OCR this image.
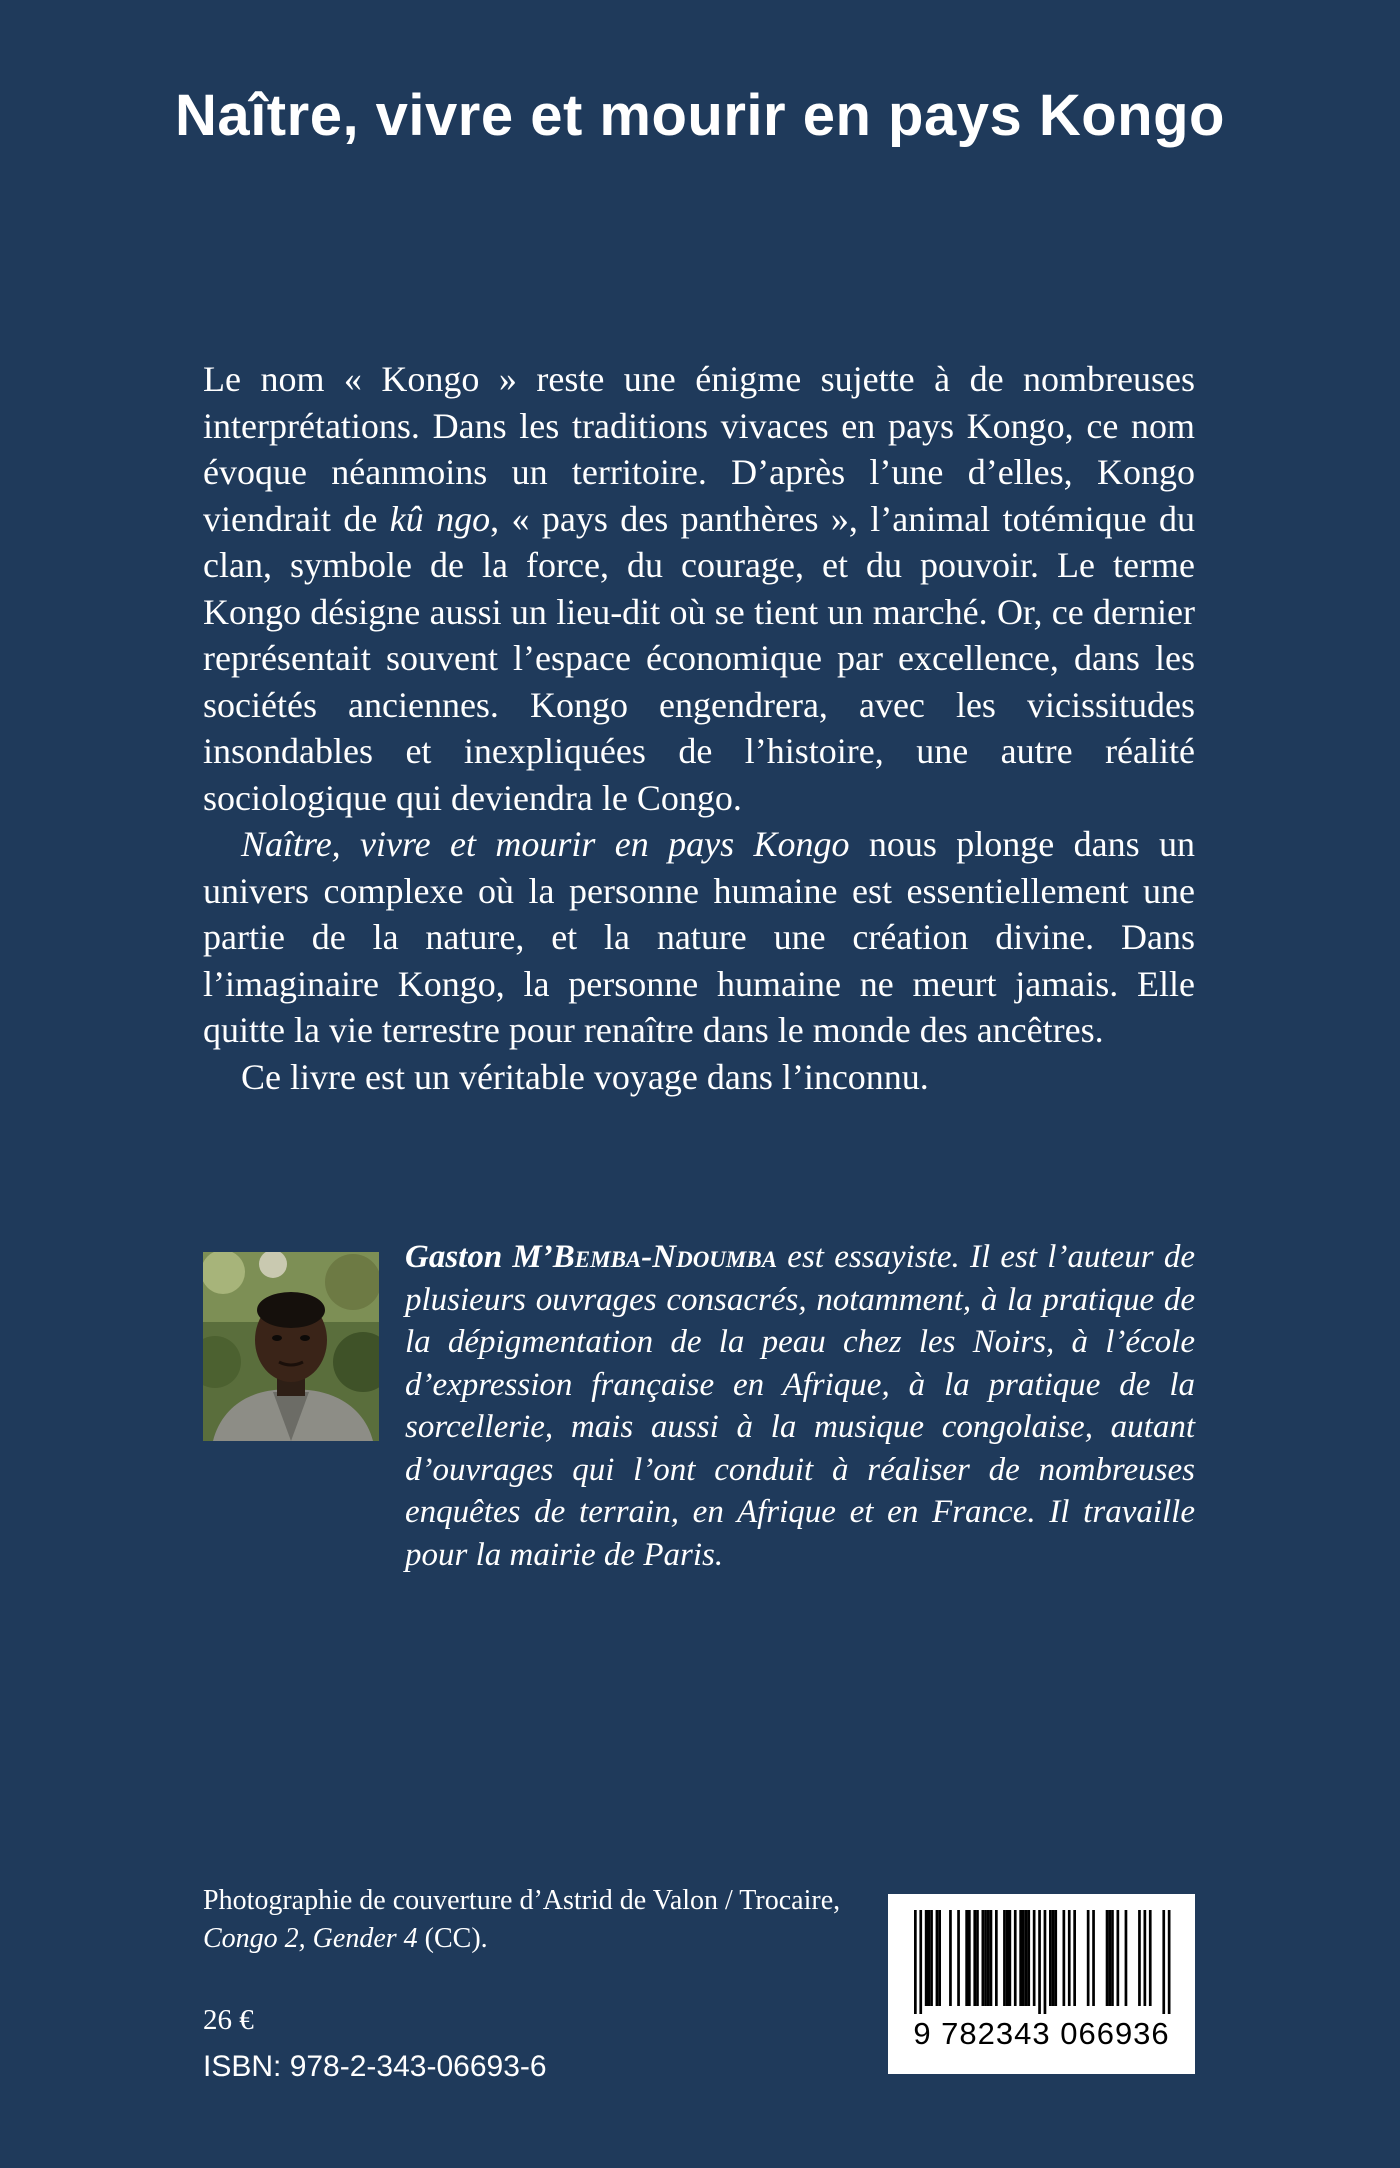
Naître, vivre et mourir en pays Kongo

Le nom « Kongo » reste une énigme sujette à de nombreuses interprétations. Dans les traditions vivaces en pays Kongo, ce nom évoque néanmoins un territoire. D’après l’une d’elles, Kongo viendrait de kû ngo, « pays des panthères », l’animal totémique du clan, symbole de la force, du courage, et du pouvoir. Le terme Kongo désigne aussi un lieu-dit où se tient un marché. Or, ce dernier représentait souvent l’espace économique par excellence, dans les sociétés anciennes. Kongo engendrera, avec les vicissitudes insondables et inexpliquées de l’histoire, une autre réalité sociologique qui deviendra le Congo.

Naître, vivre et mourir en pays Kongo nous plonge dans un univers complexe où la personne humaine est essentiellement une partie de la nature, et la nature une création divine. Dans l’imaginaire Kongo, la personne humaine ne meurt jamais. Elle quitte la vie terrestre pour renaître dans le monde des ancêtres.

Ce livre est un véritable voyage dans l’inconnu.

Gaston M’Bemba-Ndoumba est essayiste. Il est l’auteur de plusieurs ouvrages consacrés, notamment, à la pratique de la dépigmentation de la peau chez les Noirs, à l’école d’expression française en Afrique, à la pratique de la sorcellerie, mais aussi à la musique congolaise, autant d’ouvrages qui l’ont conduit à réaliser de nombreuses enquêtes de terrain, en Afrique et en France. Il travaille pour la mairie de Paris.

Photographie de couverture d’Astrid de Valon / Trocaire, Congo 2, Gender 4 (CC).

26 €

ISBN: 978-2-343-06693-6

9 782343 066936
